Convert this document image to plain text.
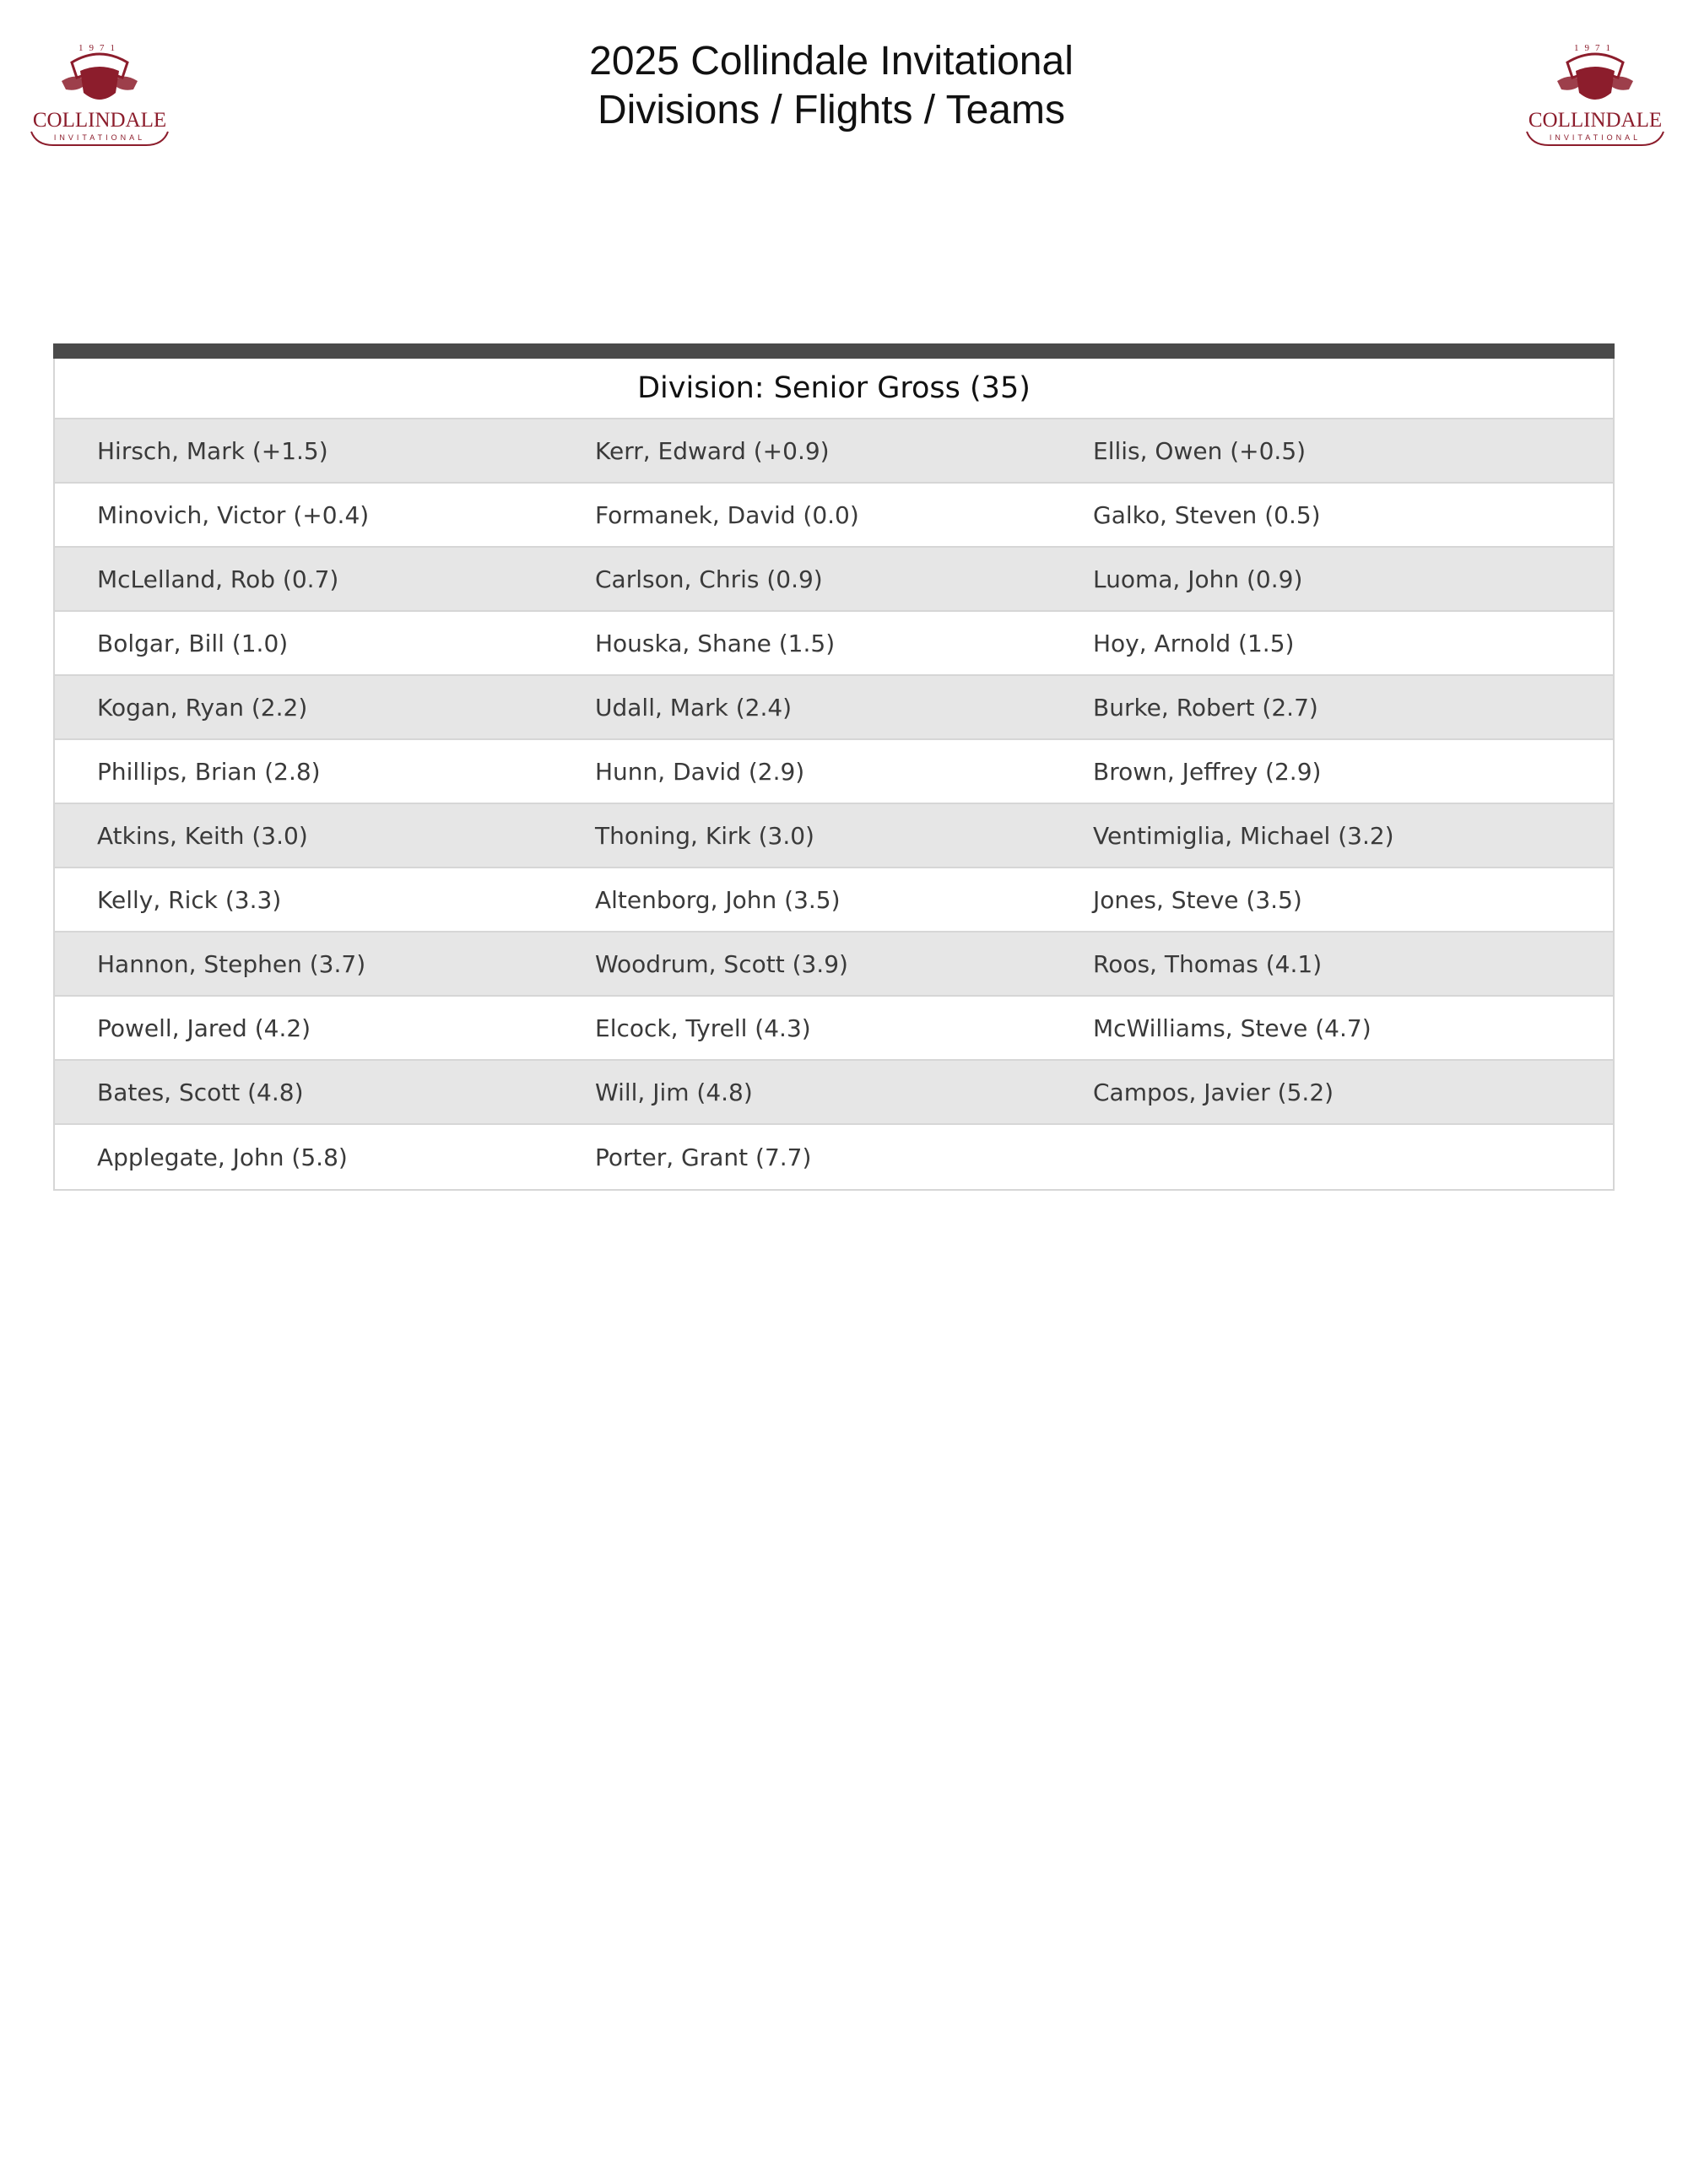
1971
COLLINDALE
INVITATIONAL
2025 Collindale Invitational
Divisions / Flights / Teams
1971
COLLINDALE
INVITATIONAL
Division: Senior Gross (35)
Hirsch, Mark (+1.5)	Kerr, Edward (+0.9)	Ellis, Owen (+0.5)
Minovich, Victor (+0.4)	Formanek, David (0.0)	Galko, Steven (0.5)
McLelland, Rob (0.7)	Carlson, Chris (0.9)	Luoma, John (0.9)
Bolgar, Bill (1.0)	Houska, Shane (1.5)	Hoy, Arnold (1.5)
Kogan, Ryan (2.2)	Udall, Mark (2.4)	Burke, Robert (2.7)
Phillips, Brian (2.8)	Hunn, David (2.9)	Brown, Jeffrey (2.9)
Atkins, Keith (3.0)	Thoning, Kirk (3.0)	Ventimiglia, Michael (3.2)
Kelly, Rick (3.3)	Altenborg, John (3.5)	Jones, Steve (3.5)
Hannon, Stephen (3.7)	Woodrum, Scott (3.9)	Roos, Thomas (4.1)
Powell, Jared (4.2)	Elcock, Tyrell (4.3)	McWilliams, Steve (4.7)
Bates, Scott (4.8)	Will, Jim (4.8)	Campos, Javier (5.2)
Applegate, John (5.8)	Porter, Grant (7.7)
